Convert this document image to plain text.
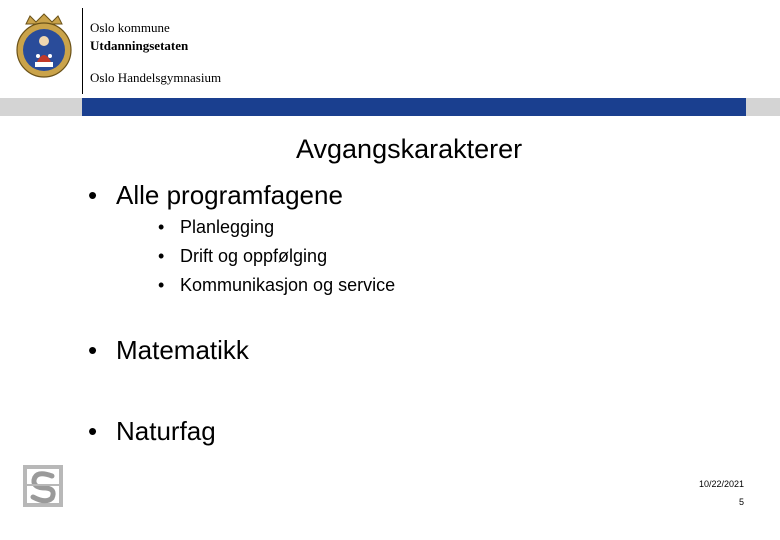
Oslo kommune
Utdanningsetaten
Oslo Handelsgymnasium
Avgangskarakterer
• Alle programfagene
• Planlegging
• Drift og oppfølging
• Kommunikasjon og service
• Matematikk
• Naturfag
10/22/2021
5
